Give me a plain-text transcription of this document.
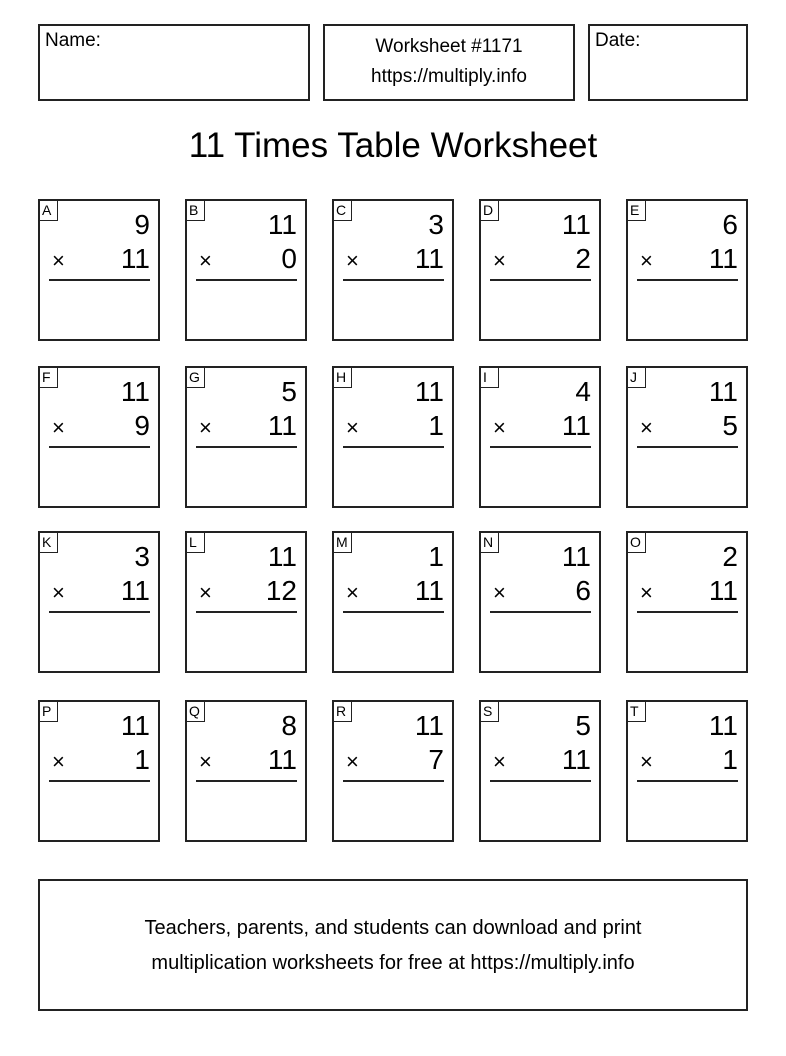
Name:	Worksheet #1171
https://multiply.info
Date:
11 Times Table Worksheet
A	9
× 11
B 11
× 0
C	3
× 11
D 11
× 2
E	6
× 11
F	11
× 9
G	5
× 11
H 11
× 1
I	4
× 11
J	11
× 5
K	3
× 11
L	11
× 12
M	1
× 11
N 11
× 6
O	2
× 11
P 11
× 1
Q	8
× 11
R 11
× 7
S	5
× 11
T	11
× 1
Teachers, parents, and students can download and print
multiplication worksheets for free at https://multiply.info
